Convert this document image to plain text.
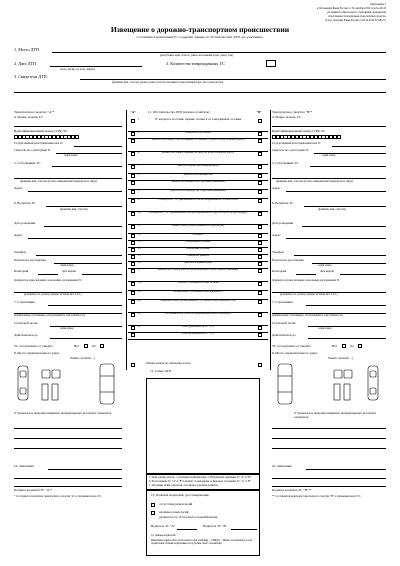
Приложение 5
к Положению Банка России от 19 сентября 2014 года № 431-П
«О правилах обязательного страхования гражданской
ответственности владельцев транспортных средств»
(в ред. Указания Банка России от 08.10.2019 N 5283-У)
Извещение о дорожно-транспортном происшествии
Составляется водителями ТС. Содержит данные об обстоятельствах ДТП, его участниках.
1. Место ДТП
(республика, край, область, район, населенный пункт, улица, дом)
2. Дата ДТП
число, месяц, год часы, минуты
3. Количество поврежденных ТС
3. Свидетели ДТП:
(фамилия, имя, отчество (далее в ранее отчество указывается при наличии) адрес места жительства)
Транспортное средство "А"*
4. Марка, модель ТС
Идентификационный номер (VIN) ТС
Государственный регистрационный знак ТС
Свидетельство о регистрации ТС
серия номер
5. Собственник ТС
(фамилия, имя, отчество (полное наименование юридического лица))
Адрес
6. Водитель ТС
(фамилия, имя, отчество)
Дата рождения
Адрес
Телефон
Водительское удостоверение
серия номер
Категория	Дата выдачи
Документ на право владения, пользования, распоряжения ТС
(доверенность, договор аренды, путевой лист и т.п.)
7. Страховщик
(наименование страховщика, застраховавшего ответственность)
Страховой полис
серия номер
Действителен до
ТС застраховано от ущерба	Нет	Да
8. Место первоначального удара
Укажите стрелкой (→)
9. Характер и перечень видимых поврежденных деталей и элементов
10. Замечания
Подпись водителя ТС "А"*
* Составляется водителем транспортного средства "А" в отношении своего ТС.
"А"	11. Обстоятельства ДТП (нужное отметить)	"В"
1	ТС находилось на стоянке, парковке, обочине и т.п. в неподвижном состоянии
2	Водитель отсутствовал
3	Выехало на стоянку, с места парковки, остановки, со двора, второстепенной дороги
4	Заезжал на стоянку, парковку, во двор, на второстепенную дорогу
5	Двигалось прямо (не маневрировало)
6	Двигалось на перекрестке
7	Заезжало на перекресток с круговым движением
8	Двигалось по перекрестку с круговым движением
9	Столкнулось с ТС, двигавшимся в том же направлении по той же полосе
10	Столкнулось с ТС, двигавшимся в том же направлении по другой полосе (в другом ряду)
11	Меняло полосу (перестраивалось в другой ряд)
12	Обгоняло
13	Поворачивало направо
14	Поворачивало налево
15	Совершало разворот
16	Двигалось задним ходом
17	Выехало на сторону дороги, предназначенную для встречного движения
18	Второе ТС находилось слева от меня
19	Не выполнило требование знака приоритета
20	Совершило наезд (на неподвижное ТС препятствие, пешехода и т.п.)
21	Остановилось (стояло) на запрещающий сигнал светофора
22	Иное (для водителя ТС "А")
Иное (для водителя ТС "В")
Укажите количество отмеченных клеток
12. Схема ДТП
Транспортное средство "В"*
4. Марка, модель ТС
Идентификационный номер (VIN) ТС
Государственный регистрационный знак ТС
Свидетельство о регистрации ТС
серия номер
5. Собственник ТС
(фамилия, имя, отчество (полное наименование юридического лица))
Адрес
6. Водитель ТС
(фамилия, имя, отчество)
Дата рождения
Адрес
Телефон
Водительское удостоверение
серия номер
Категория	Дата выдачи
Документ на право владения, пользования, распоряжения ТС
(доверенность, договор аренды, путевой лист и т.п.)
7. Страховщик
(наименование страховщика, застраховавшего ответственность)
Страховой полис
серия номер
Действителен до
ТС застраховано от ущерба	Нет	Да
8. Место первоначального удара
Укажите стрелкой (→)
9. Характер и перечень видимых поврежденных деталей и элементов
10. Замечания
Подпись водителя ТС "В"**
** Составляется водителем транспортного средства "В" в отношении своего ТС.
1. План (схема) дороги - с указанием названий улиц. 2. Направление движения ТС "А" и "В".
3. Расположение ТС "А" и "В" в момент столкновения. 4. Конечное положение ТС "А" и "В".
5. Дорожные знаки, указатели, светофоры, дорожная разметка.
13. Подписи водителей, удостоверяющие
отсутствие разногласий
наличие разногласий
(указывается п.п. 18 оборотной стороны Извещения)
Водитель ТС "А"	Водитель ТС "В"
14. Данные водителей
Имеющиеся видео/фото (заполняется при наличии) ... ГИБДД ... Ничего не изменено после подписания обоими водителями и получения своего экземпляра
